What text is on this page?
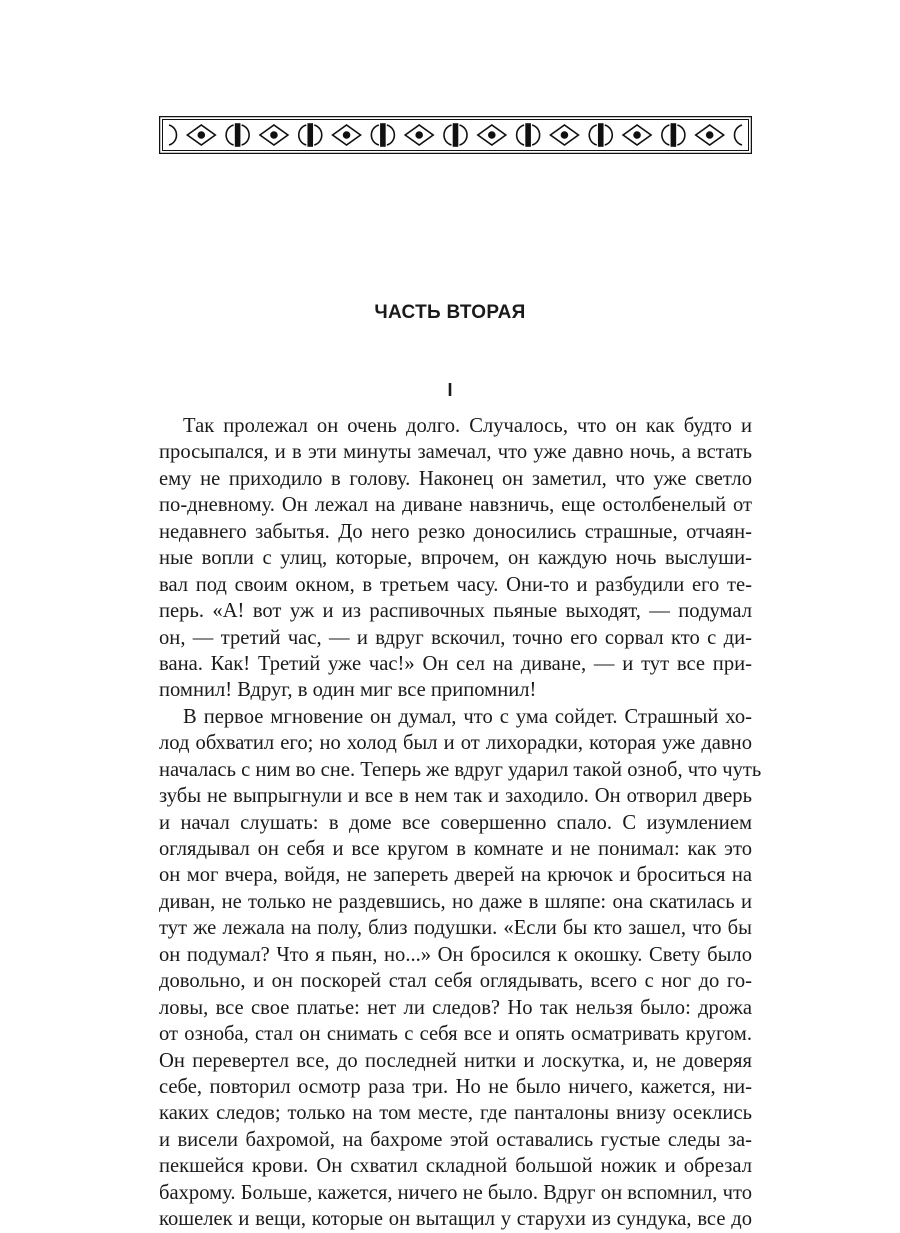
ЧАСТЬ ВТОРАЯ
I
Так пролежал он очень долго. Случалось, что он как будто и
просыпался, и в эти минуты замечал, что уже давно ночь, а встать
ему не приходило в голову. Наконец он заметил, что уже светло
по-дневному. Он лежал на диване навзничь, еще остолбенелый от
недавнего забытья. До него резко доносились страшные, отчаян-
ные вопли с улиц, которые, впрочем, он каждую ночь выслуши-
вал под своим окном, в третьем часу. Они-то и разбудили его те-
перь. «А! вот уж и из распивочных пьяные выходят, — подумал
он, — третий час, — и вдруг вскочил, точно его сорвал кто с ди-
вана. Как! Третий уже час!» Он сел на диване, — и тут все при-
помнил! Вдруг, в один миг все припомнил!
В первое мгновение он думал, что с ума сойдет. Страшный хо-
лод обхватил его; но холод был и от лихорадки, которая уже давно
началась с ним во сне. Теперь же вдруг ударил такой озноб, что чуть
зубы не выпрыгнули и все в нем так и заходило. Он отворил дверь
и начал слушать: в доме все совершенно спало. С изумлением
оглядывал он себя и все кругом в комнате и не понимал: как это
он мог вчера, войдя, не запереть дверей на крючок и броситься на
диван, не только не раздевшись, но даже в шляпе: она скатилась и
тут же лежала на полу, близ подушки. «Если бы кто зашел, что бы
он подумал? Что я пьян, но...» Он бросился к окошку. Свету было
довольно, и он поскорей стал себя оглядывать, всего с ног до го-
ловы, все свое платье: нет ли следов? Но так нельзя было: дрожа
от озноба, стал он снимать с себя все и опять осматривать кругом.
Он перевертел все, до последней нитки и лоскутка, и, не доверяя
себе, повторил осмотр раза три. Но не было ничего, кажется, ни-
каких следов; только на том месте, где панталоны внизу осеклись
и висели бахромой, на бахроме этой оставались густые следы за-
пекшейся крови. Он схватил складной большой ножик и обрезал
бахрому. Больше, кажется, ничего не было. Вдруг он вспомнил, что
кошелек и вещи, которые он вытащил у старухи из сундука, все до
